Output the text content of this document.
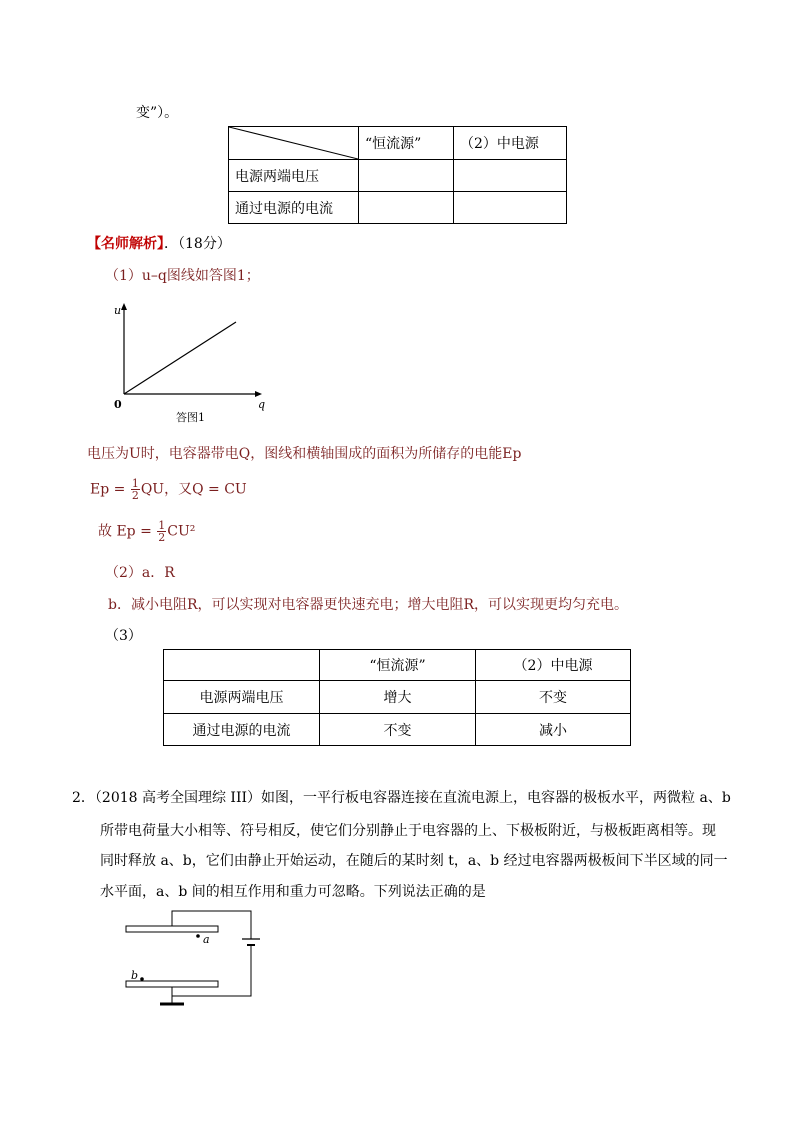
变”）。
	“恒流源”	（2）中电源
电源两端电压		
通过电源的电流		
【名师解析】．（18分）
（1）u–q图线如答图1；
u
q
0
答图1
电压为U时，电容器带电Q，图线和横轴围成的面积为所储存的电能Ep
$Ep = \frac{1}{2}$ QU，又Q = CU
故 $Ep = \frac{1}{2} CU^2$
（2）a．R
b．减小电阻R，可以实现对电容器更快速充电；增大电阻R，可以实现更均匀充电。
（3）
	“恒流源”	（2）中电源
电源两端电压	增大	不变
通过电源的电流	不变	减小
2．（2018 高考全国理综 III）如图，一平行板电容器连接在直流电源上，电容器的极板水平，两微粒 a、b
所带电荷量大小相等、符号相反，使它们分别静止于电容器的上、下极板附近，与极板距离相等。现
同时释放 a、b，它们由静止开始运动，在随后的某时刻 t，a、b 经过电容器两极板间下半区域的同一
水平面，a、b 间的相互作用和重力可忽略。下列说法正确的是
a
b
